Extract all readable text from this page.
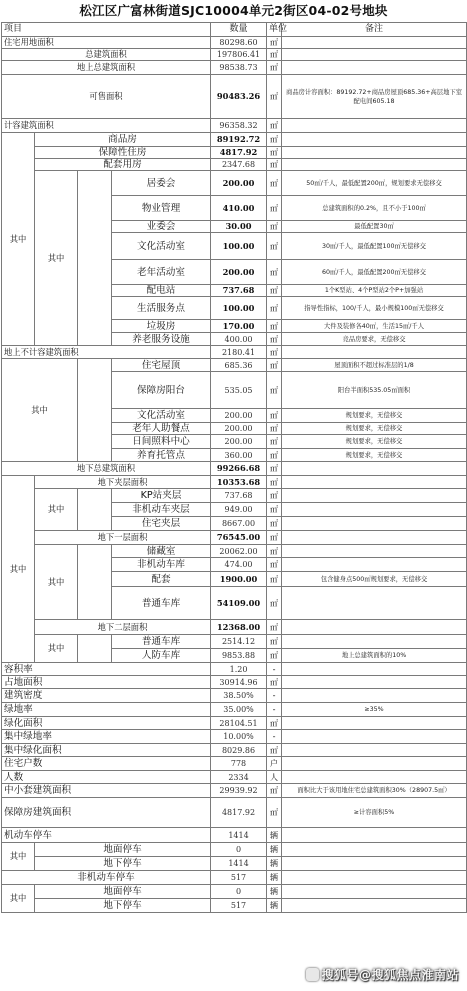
松江区广富林街道SJC10004单元2街区04-02号地块
项目				数量	单位	备注
住宅用地面积				80298.60	㎡	
总建筑面积				197806.41	㎡	
地上总建筑面积				98538.73	㎡	
可售面积				90483.26	㎡	商品房计容面积：89192.72+商品房屋顶685.36+高层地下室配电间605.18
计容建筑面积				96358.32	㎡	
其中	商品房			89192.72	㎡	
	保障性住房			4817.92	㎡	
	配套用房			2347.68	㎡	
	其中		居委会	200.00	㎡	50㎡/千人，最低配置200㎡，规划要求无偿移交
			物业管理	410.00	㎡	总建筑面积的0.2%，且不小于100㎡
			业委会	30.00	㎡	最低配置30㎡
			文化活动室	100.00	㎡	30㎡/千人，最低配置100㎡无偿移交
			老年活动室	200.00	㎡	60㎡/千人，最低配置200㎡无偿移交
			配电站	737.68	㎡	1个K型站、4个P型站2个P+加强站
			生活服务点	100.00	㎡	指导性指标，100/千人，最小规模100㎡无偿移交
			垃圾房	170.00	㎡	大件及装修各40㎡，生活15㎡/千人
			养老服务设施	400.00	㎡	竞品房要求，无偿移交
地上不计容建筑面积				2180.41	㎡	
其中			住宅屋顶	685.36	㎡	屋顶面积不超过标准层的1/8
			保障房阳台	535.05	㎡	阳台半面积535.05㎡面积
			文化活动室	200.00	㎡	规划要求，无偿移交
			老年人助餐点	200.00	㎡	规划要求，无偿移交
			日间照料中心	200.00	㎡	规划要求，无偿移交
			养育托管点	360.00	㎡	规划要求，无偿移交
地下总建筑面积				99266.68	㎡	
其中	地下夹层面积			10353.68	㎡	
	其中		KP站夹层	737.68	㎡	
			非机动车夹层	949.00	㎡	
			住宅夹层	8667.00	㎡	
	地下一层面积			76545.00	㎡	
	其中		储藏室	20062.00	㎡	
			非机动车库	474.00	㎡	
			配套	1900.00	㎡	包含健身点500㎡规划要求，无偿移交
			普通车库	54109.00	㎡	
	地下二层面积			12368.00	㎡	
	其中		普通车库	2514.12	㎡	
			人防车库	9853.88	㎡	地上总建筑面积的10%
容积率				1.20	-	
占地面积				30914.96	㎡	
建筑密度				38.50%	-	
绿地率				35.00%	-	≥35%
绿化面积				28104.51	㎡	
集中绿地率				10.00%	-	
集中绿化面积				8029.86	㎡	
住宅户数				778	户	
人数				2334	人	
中小套建筑面积				29939.92	㎡	面积比大于该用地住宅总建筑面积30%（28907.5㎡）
保障房建筑面积				4817.92	㎡	≥计容面积5%
机动车停车				1414	辆	
其中	地面停车			0	辆	
	地下停车			1414	辆	
非机动车停车				517	辆	
其中	地面停车			0	辆	
	地下停车			517	辆	
搜狐号@搜狐焦点淮南站
